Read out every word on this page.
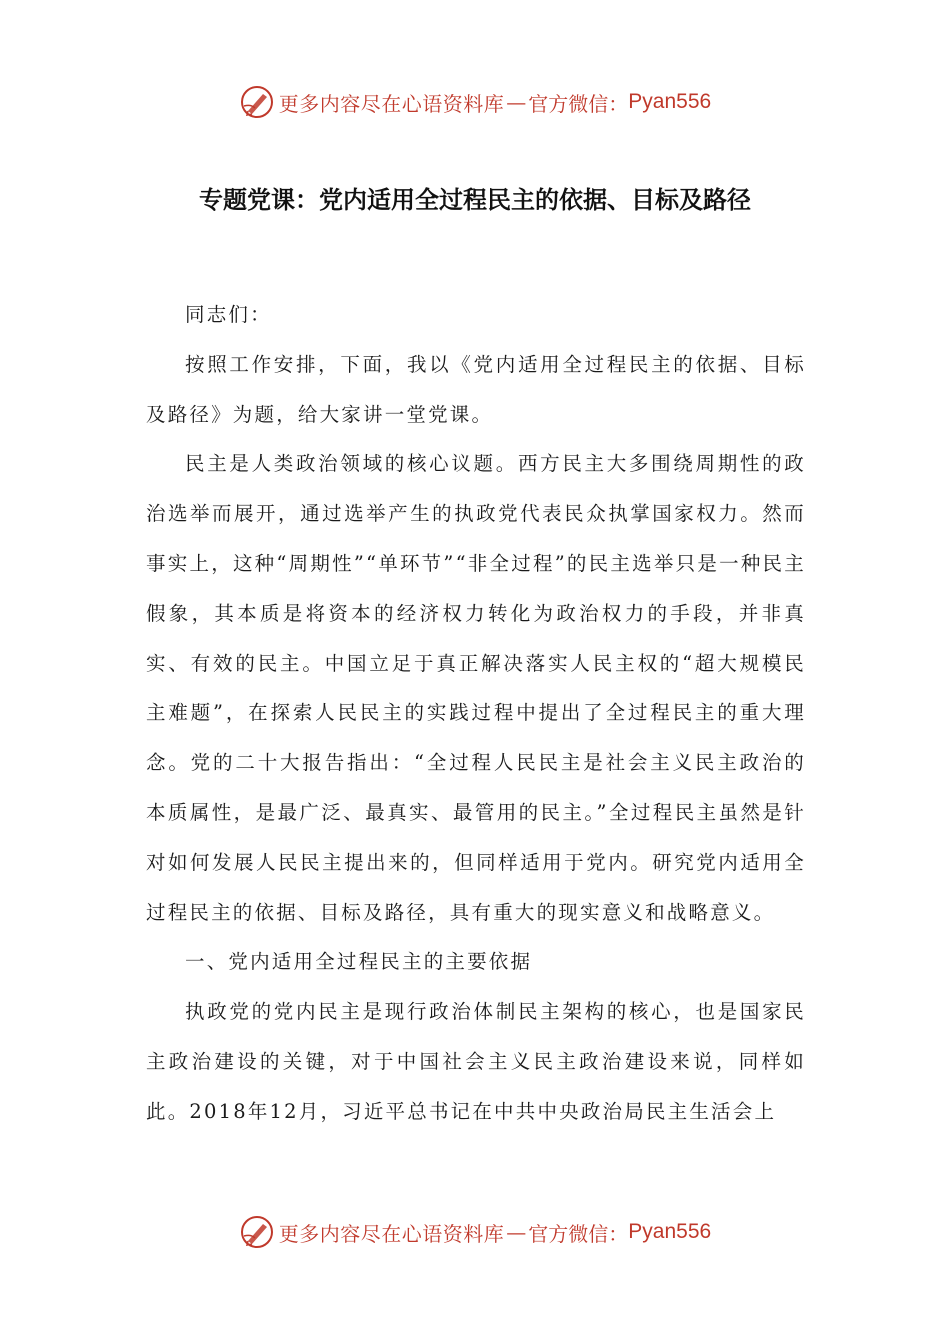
更多内容尽在心语资料库 — 官方微信： Pyan556
专题党课：党内适用全过程民主的依据、目标及路径

同志们：

按照工作安排，下面，我以《党内适用全过程民主的依据、目标及路径》为题，给大家讲一堂党课。

民主是人类政治领域的核心议题。西方民主大多围绕周期性的政治选举而展开，通过选举产生的执政党代表民众执掌国家权力。然而事实上，这种“周期性”“单环节”“非全过程”的民主选举只是一种民主假象，其本质是将资本的经济权力转化为政治权力的手段，并非真实、有效的民主。中国立足于真正解决落实人民主权的“超大规模民主难题”，在探索人民民主的实践过程中提出了全过程民主的重大理念。党的二十大报告指出：“全过程人民民主是社会主义民主政治的本质属性，是最广泛、最真实、最管用的民主。”全过程民主虽然是针对如何发展人民民主提出来的，但同样适用于党内。研究党内适用全过程民主的依据、目标及路径，具有重大的现实意义和战略意义。

一、党内适用全过程民主的主要依据

执政党的党内民主是现行政治体制民主架构的核心，也是国家民主政治建设的关键，对于中国社会主义民主政治建设来说，同样如此。2018年12月，习近平总书记在中共中央政治局民主生活会上

更多内容尽在心语资料库 — 官方微信： Pyan556
